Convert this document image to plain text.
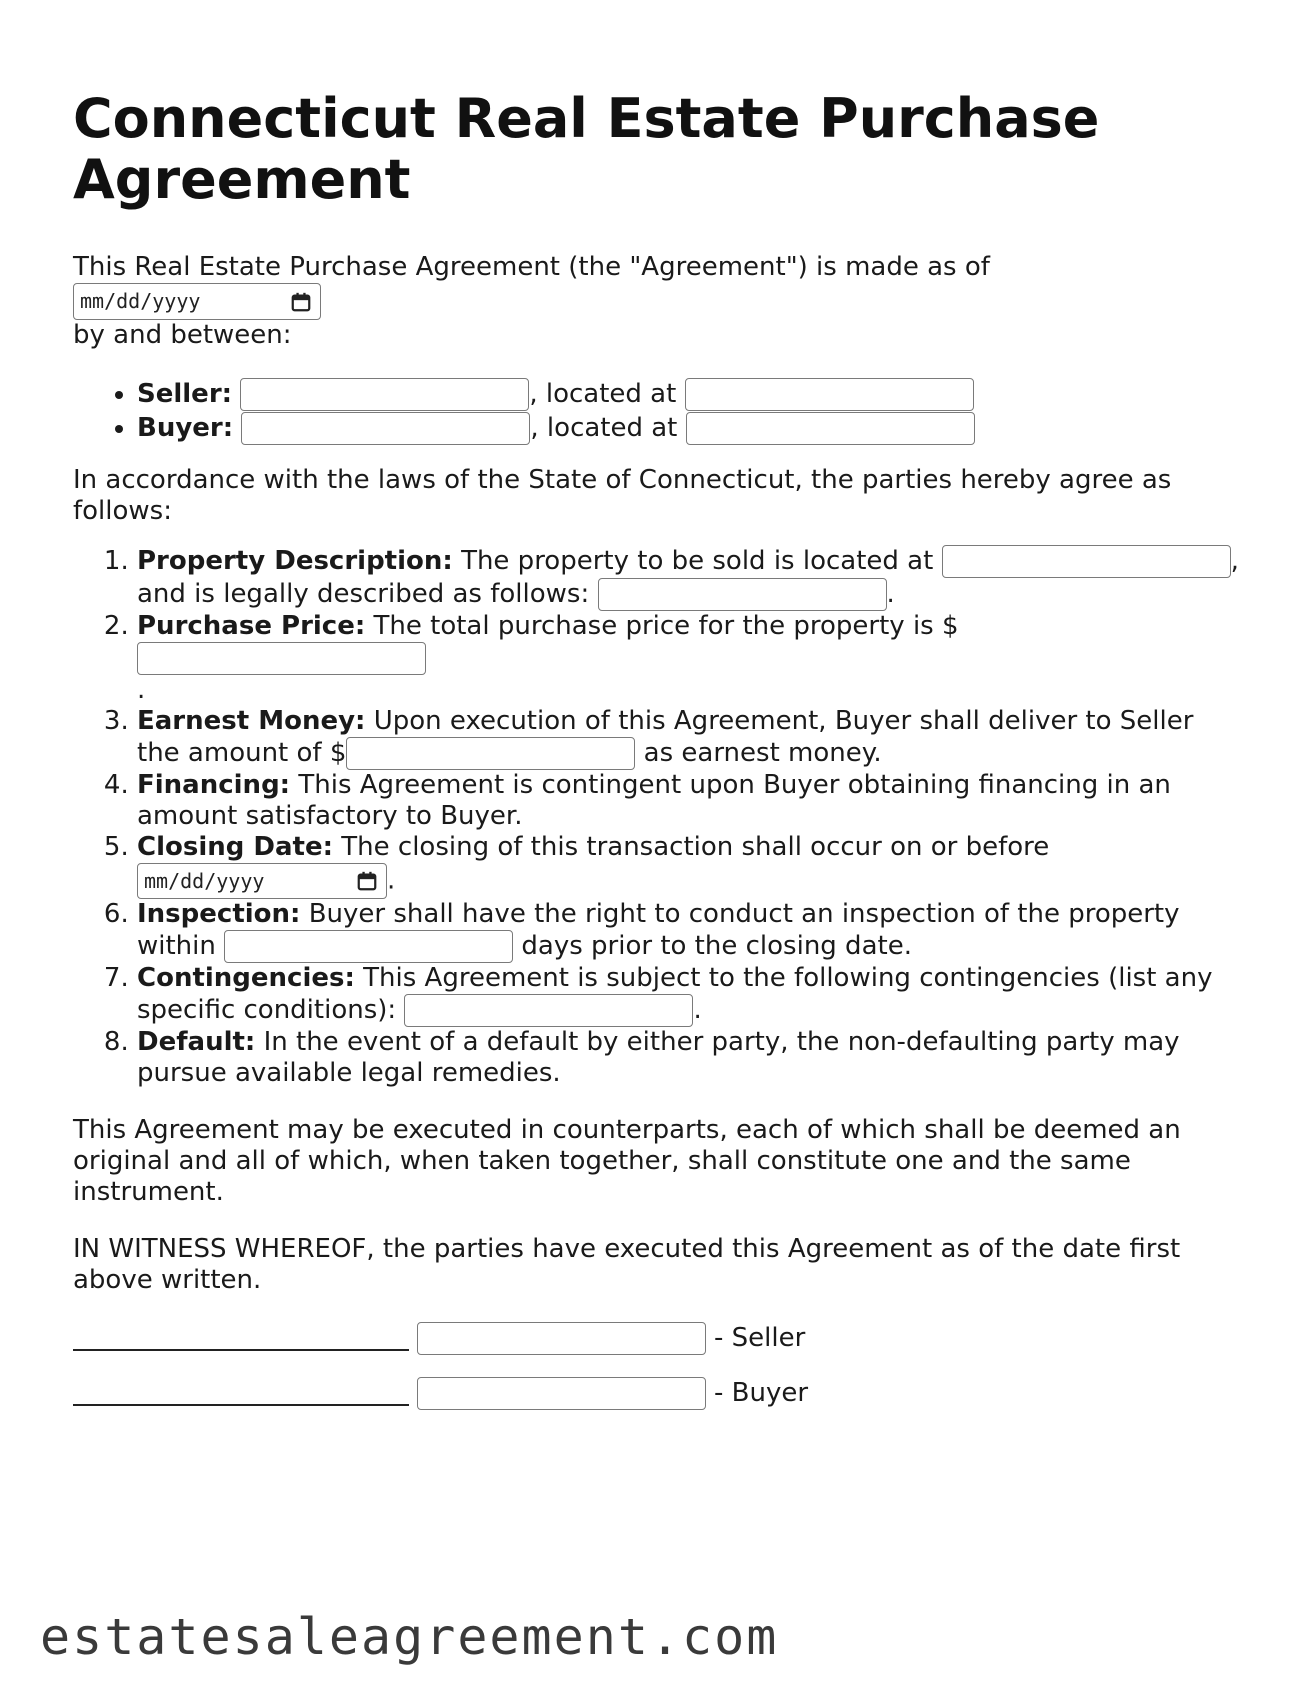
Connecticut Real Estate Purchase Agreement

This Real Estate Purchase Agreement (the "Agreement") is made as of
mm/dd/yyyy

by and between:

• Seller:	, located at
• Buyer:	, located at

In accordance with the laws of the State of Connecticut, the parties hereby agree as follows:

1. Property Description: The property to be sold is located at	, and is legally described as follows:	.
2. Purchase Price: The total purchase price for the property is $
.
3. Earnest Money: Upon execution of this Agreement, Buyer shall deliver to Seller the amount of $	as earnest money.
4. Financing: This Agreement is contingent upon Buyer obtaining financing in an amount satisfactory to Buyer.
5. Closing Date: The closing of this transaction shall occur on or before

mm/dd/yyyy	.
6. Inspection: Buyer shall have the right to conduct an inspection of the property within	days prior to the closing date.
7. Contingencies: This Agreement is subject to the following contingencies (list any specific conditions):	.
8. Default: In the event of a default by either party, the non-defaulting party may pursue available legal remedies.

This Agreement may be executed in counterparts, each of which shall be deemed an original and all of which, when taken together, shall constitute one and the same instrument.

IN WITNESS WHEREOF, the parties have executed this Agreement as of the date first above written.

- Seller
- Buyer
estatesaleagreement.com
